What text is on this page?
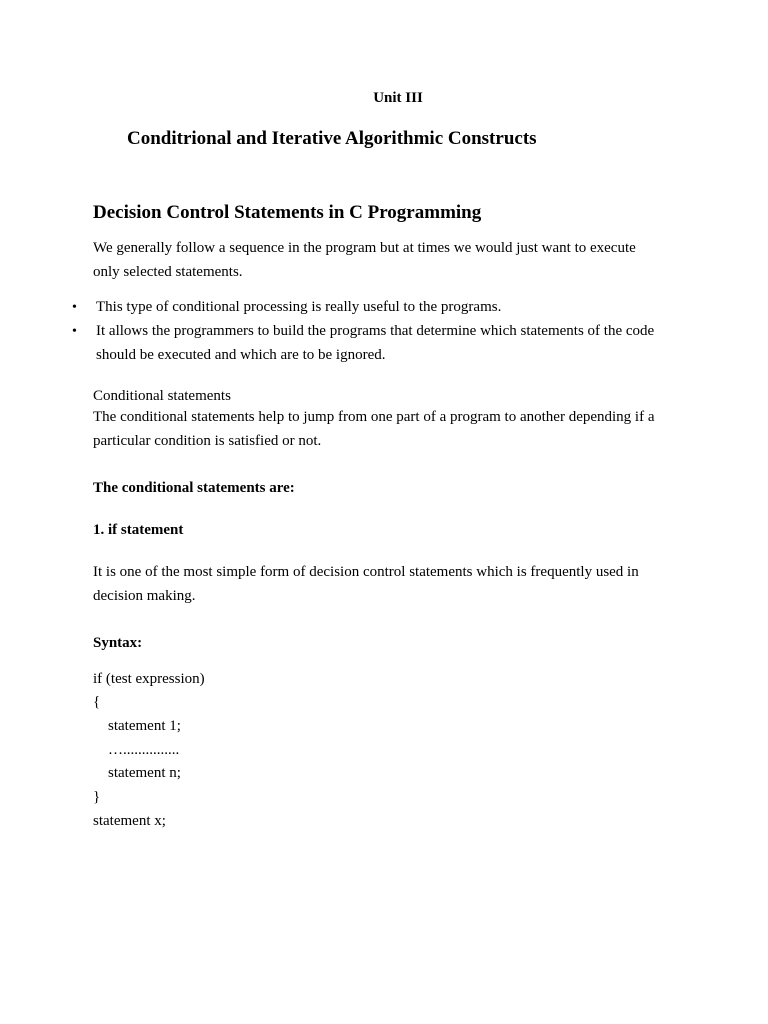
Unit III
Conditrional and Iterative Algorithmic Constructs
Decision Control Statements in C Programming
We generally follow a sequence in the program but at times we would just want to execute
only selected statements.
• This type of conditional processing is really useful to the programs.
• It allows the programmers to build the programs that determine which statements of the code
should be executed and which are to be ignored.
Conditional statements
The conditional statements help to jump from one part of a program to another depending if a
particular condition is satisfied or not.
The conditional statements are:
1. if statement
It is one of the most simple form of decision control statements which is frequently used in
decision making.
Syntax:
if (test expression)
{
statement 1;
…...............
statement n;
}
statement x;
